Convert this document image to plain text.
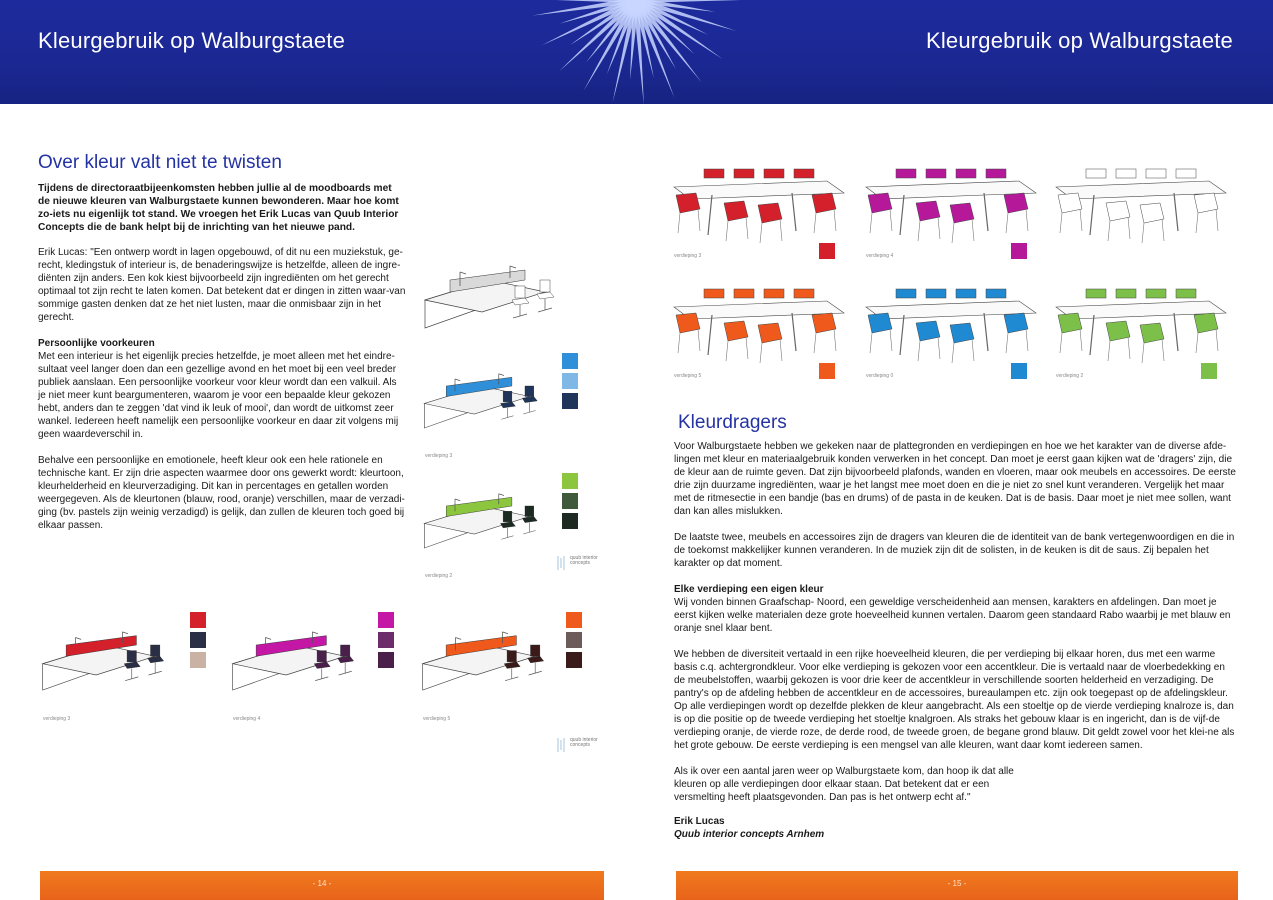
Kleurgebruik op Walburgstaete
Over kleur valt niet te twisten
Tijdens de directoraatbijeenkomsten hebben jullie al de moodboards met de nieuwe kleuren van Walburgstaete kunnen bewonderen. Maar hoe komt zo-iets nu eigenlijk tot stand. We vroegen het Erik Lucas van Quub Interior Concepts die de bank helpt bij de inrichting van het nieuwe pand.

Erik Lucas: "Een ontwerp wordt in lagen opgebouwd, of dit nu een muziekstuk, ge-recht, kledingstuk of interieur is, de benaderingswijze is hetzelfde, alleen de ingre-diënten zijn anders. Een kok kiest bijvoorbeeld zijn ingrediënten om het gerecht optimaal tot zijn recht te laten komen. Dat betekent dat er dingen in zitten waar-van sommige gasten denken dat ze het niet lusten, maar die onmisbaar zijn in het gerecht.

Persoonlijke voorkeuren

Met een interieur is het eigenlijk precies hetzelfde, je moet alleen met het eindre-sultaat veel langer doen dan een gezellige avond en het moet bij een veel breder publiek aanslaan. Een persoonlijke voorkeur voor kleur wordt dan een valkuil. Als je niet meer kunt beargumenteren, waarom je voor een bepaalde kleur gekozen hebt, anders dan te zeggen 'dat vind ik leuk of mooi', dan wordt de uitkomst zeer wankel. Iedereen heeft namelijk een persoonlijke voorkeur en daar zit volgens mij geen waardeverschil in.

Behalve een persoonlijke en emotionele, heeft kleur ook een hele rationele en technische kant. Er zijn drie aspecten waarmee door ons gewerkt wordt: kleurtoon, kleurhelderheid en kleurverzadiging. Dit kan in percentages en getallen worden weergegeven. Als de kleurtonen (blauw, rood, oranje) verschillen, maar de verzadi-ging (bv. pastels zijn weinig verzadigd) is gelijk, dan zullen de kleuren toch goed bij elkaar passen.

verdieping 3
verdieping 2
quub interior concepts
verdieping 3	verdieping 4	verdieping 5
quub interior concepts
- 14 -
Kleurgebruik op Walburgstaete
verdieping 3	verdieping 4
verdieping 5	verdieping 0	verdieping 2
Kleurdragers

Voor Walburgstaete hebben we gekeken naar de plattegronden en verdiepingen en hoe we het karakter van de diverse afde-lingen met kleur en materiaalgebruik konden verwerken in het concept. Dan moet je eerst gaan kijken wat de 'dragers' zijn, die de kleur aan de ruimte geven. Dat zijn bijvoorbeeld plafonds, wanden en vloeren, maar ook meubels en accessoires. De eerste drie zijn duurzame ingrediënten, waar je het langst mee moet doen en die je niet zo snel kunt veranderen. Vergelijk het maar met de ritmesectie in een bandje (bas en drums) of de pasta in de keuken. Dat is de basis. Daar moet je niet mee sollen, want dan kan alles mislukken.

De laatste twee, meubels en accessoires zijn de dragers van kleuren die de identiteit van de bank vertegenwoordigen en die in de toekomst makkelijker kunnen veranderen. In de muziek zijn dit de solisten, in de keuken is dit de saus. Zij bepalen het karakter op dat moment.

Elke verdieping een eigen kleur

Wij vonden binnen Graafschap- Noord, een geweldige verscheidenheid aan mensen, karakters en afdelingen. Dan moet je eerst kijken welke materialen deze grote hoeveelheid kunnen vertalen. Daarom geen standaard Rabo waarbij je met blauw en oranje snel klaar bent.

We hebben de diversiteit vertaald in een rijke hoeveelheid kleuren, die per verdieping bij elkaar horen, dus met een warme basis c.q. achtergrondkleur. Voor elke verdieping is gekozen voor een accentkleur. Die is vertaald naar de vloerbedekking en de meubelstoffen, waarbij gekozen is voor drie keer de accentkleur in verschillende soorten helderheid en verzadiging. De pantry's op de afdeling hebben de accentkleur en de accessoires, bureaulampen etc. zijn ook toegepast op de afdelingskleur. Op alle verdiepingen wordt op dezelfde plekken de kleur aangebracht. Als een stoeltje op de vierde verdieping knalroze is, dan is op die positie op de tweede verdieping het stoeltje knalgroen. Als straks het gebouw klaar is en ingericht, dan is de vijf-de verdieping oranje, de vierde roze, de derde rood, de tweede groen, de begane grond blauw. Dit geldt zowel voor het klei-ne als het grote gebouw. De eerste verdieping is een mengsel van alle kleuren, want daar komt iedereen samen.

Als ik over een aantal jaren weer op Walburgstaete kom, dan hoop ik dat alle kleuren op alle verdiepingen door elkaar staan. Dat betekent dat er een versmelting heeft plaatsgevonden. Dan pas is het ontwerp echt af."

Erik Lucas
Quub interior concepts Arnhem
- 15 -
